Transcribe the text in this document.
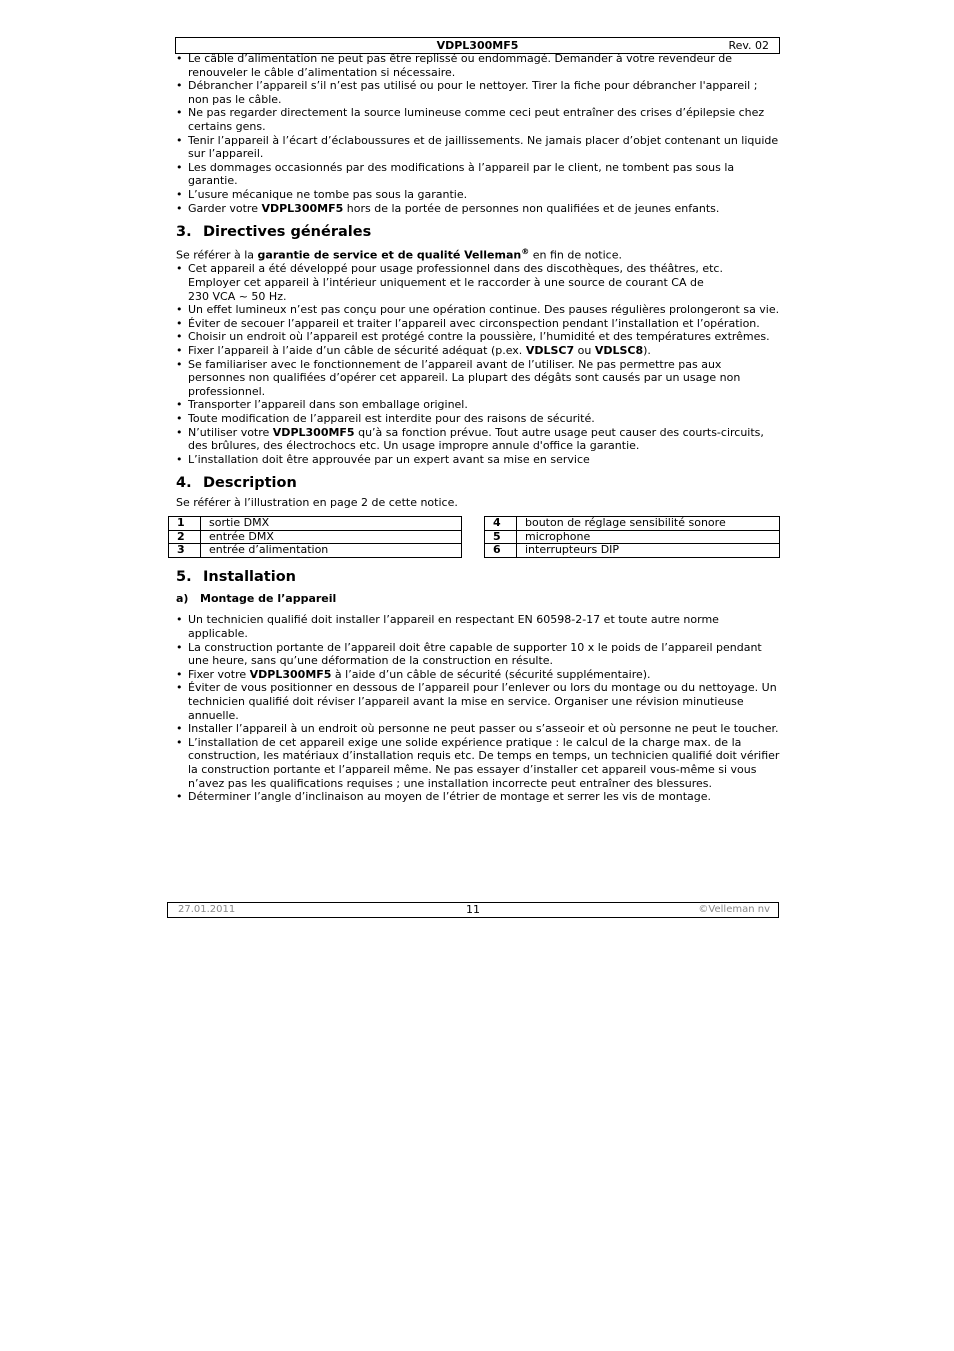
VDPL300MF5	Rev. 02
• Le câble d’alimentation ne peut pas être replissé ou endommagé. Demander à votre revendeur de renouveler le câble d’alimentation si nécessaire.
• Débrancher l’appareil s’il n’est pas utilisé ou pour le nettoyer. Tirer la fiche pour débrancher l'appareil ; non pas le câble.
• Ne pas regarder directement la source lumineuse comme ceci peut entraîner des crises d’épilepsie chez certains gens.
• Tenir l’appareil à l’écart d’éclaboussures et de jaillissements. Ne jamais placer d’objet contenant un liquide sur l’appareil.
• Les dommages occasionnés par des modifications à l’appareil par le client, ne tombent pas sous la garantie.
• L’usure mécanique ne tombe pas sous la garantie.
• Garder votre VDPL300MF5 hors de la portée de personnes non qualifiées et de jeunes enfants.
3. Directives générales

Se référer à la garantie de service et de qualité Velleman® en fin de notice.

• Cet appareil a été développé pour usage professionnel dans des discothèques, des théâtres, etc.
Employer cet appareil à l’intérieur uniquement et le raccorder à une source de courant CA de
230 VCA ~ 50 Hz.
• Un effet lumineux n’est pas conçu pour une opération continue. Des pauses régulières prolongeront sa vie.
• Éviter de secouer l’appareil et traiter l’appareil avec circonspection pendant l’installation et l’opération.
• Choisir un endroit où l’appareil est protégé contre la poussière, l’humidité et des températures extrêmes.
• Fixer l’appareil à l’aide d’un câble de sécurité adéquat (p.ex. VDLSC7 ou VDLSC8).
• Se familiariser avec le fonctionnement de l’appareil avant de l’utiliser. Ne pas permettre pas aux personnes non qualifiées d’opérer cet appareil. La plupart des dégâts sont causés par un usage non professionnel.
• Transporter l’appareil dans son emballage originel.
• Toute modification de l’appareil est interdite pour des raisons de sécurité.
• N’utiliser votre VDPL300MF5 qu’à sa fonction prévue. Tout autre usage peut causer des courts-circuits, des brûlures, des électrochocs etc. Un usage impropre annule d'office la garantie.
• L’installation doit être approuvée par un expert avant sa mise en service
4. Description

Se référer à l’illustration en page 2 de cette notice.

1	sortie DMX
2	entrée DMX
3	entrée d’alimentation
4	bouton de réglage sensibilité sonore
5	microphone
6	interrupteurs DIP
5. Installation
a) Montage de l’appareil
• Un technicien qualifié doit installer l’appareil en respectant EN 60598-2-17 et toute autre norme applicable.
• La construction portante de l’appareil doit être capable de supporter 10 x le poids de l’appareil pendant une heure, sans qu’une déformation de la construction en résulte.
• Fixer votre VDPL300MF5 à l’aide d’un câble de sécurité (sécurité supplémentaire).
• Éviter de vous positionner en dessous de l’appareil pour l’enlever ou lors du montage ou du nettoyage. Un technicien qualifié doit réviser l’appareil avant la mise en service. Organiser une révision minutieuse annuelle.
• Installer l’appareil à un endroit où personne ne peut passer ou s’asseoir et où personne ne peut le toucher.
• L’installation de cet appareil exige une solide expérience pratique : le calcul de la charge max. de la construction, les matériaux d’installation requis etc. De temps en temps, un technicien qualifié doit vérifier la construction portante et l’appareil même. Ne pas essayer d’installer cet appareil vous-même si vous n’avez pas les qualifications requises ; une installation incorrecte peut entraîner des blessures.
• Déterminer l’angle d’inclinaison au moyen de l’étrier de montage et serrer les vis de montage.
27.01.2011	11	©Velleman nv
